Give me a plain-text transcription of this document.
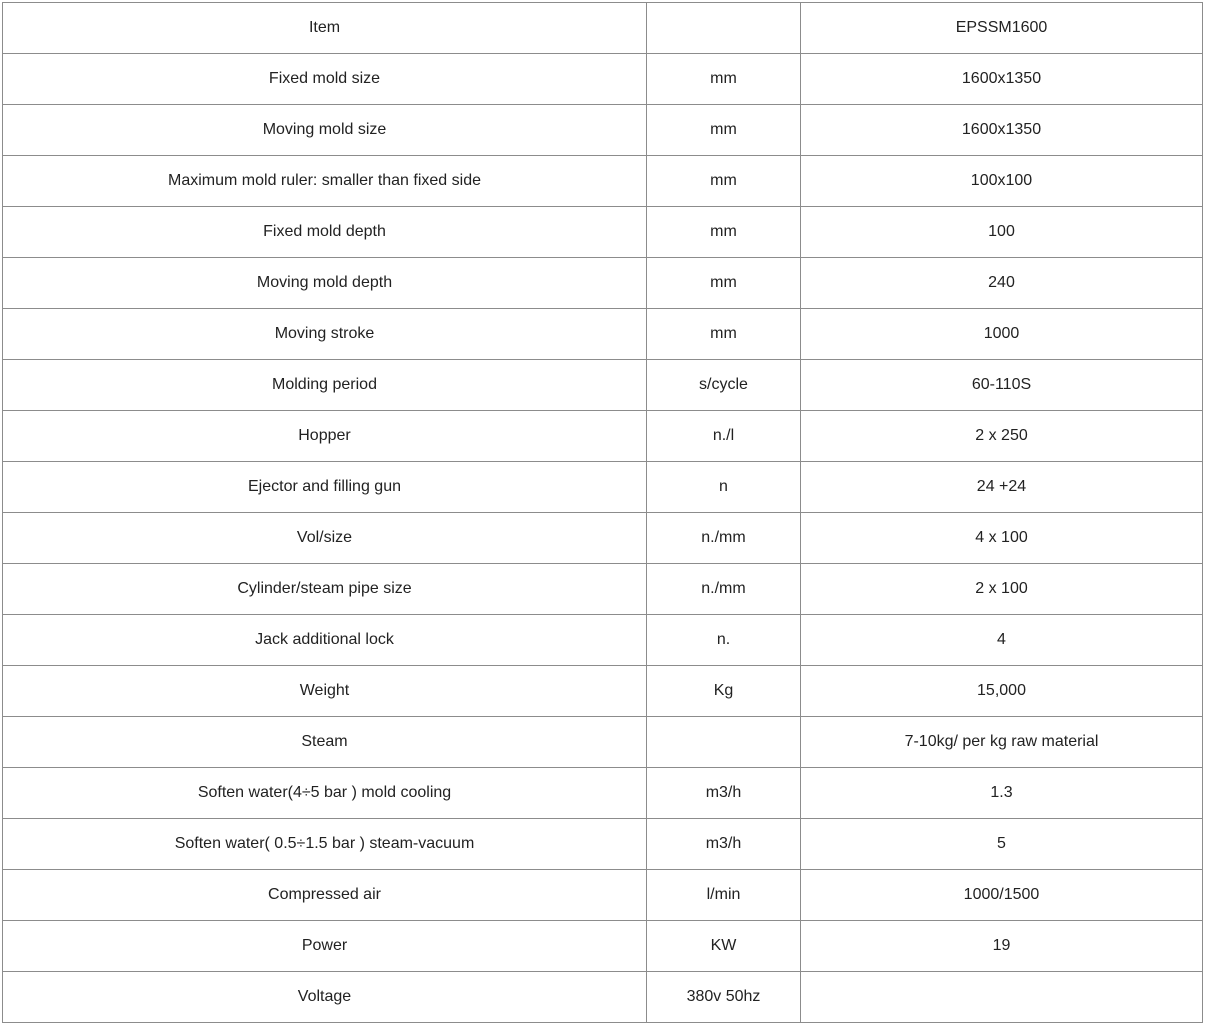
Item		EPSSM1600
Fixed mold size	mm	1600x1350
Moving mold size	mm	1600x1350
Maximum mold ruler: smaller than fixed side	mm	100x100
Fixed mold depth	mm	100
Moving mold depth	mm	240
Moving stroke	mm	1000
Molding period	s/cycle	60-110S
Hopper	n./l	2 x 250
Ejector and filling gun	n	24 +24
Vol/size	n./mm	4 x 100
Cylinder/steam pipe size	n./mm	2 x 100
Jack additional lock	n.	4
Weight	Kg	15,000
Steam		7-10kg/ per kg raw material
Soften water(4÷5 bar ) mold cooling	m3/h	1.3
Soften water( 0.5÷1.5 bar ) steam-vacuum	m3/h	5
Compressed air	l/min	1000/1500
Power	KW	19
Voltage	380v 50hz	
